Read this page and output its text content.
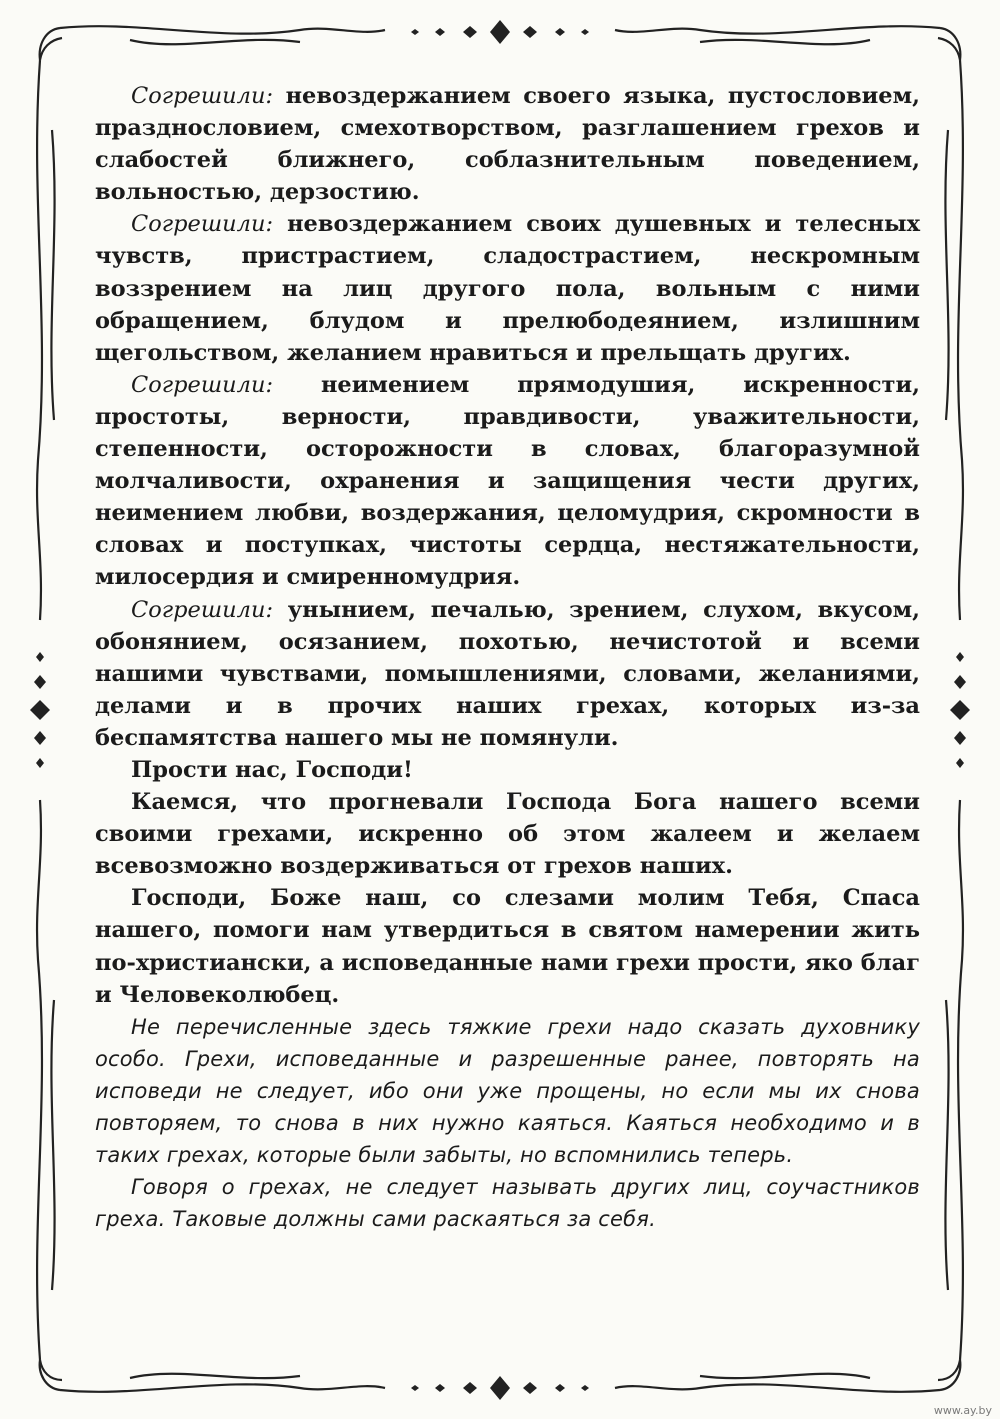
Согрешили: невоздержанием своего языка, пустословием, празднословием, смехотворством, разглашением грехов и слабостей ближнего, соблазнительным поведением, вольностью, дерзостию.

Согрешили: невоздержанием своих душевных и телесных чувств, пристрастием, сладострастием, нескромным воззрением на лиц другого пола, вольным с ними обращением, блудом и прелюбодеянием, излишним щегольством, желанием нравиться и прельщать других.

Согрешили: неимением прямодушия, искренности, простоты, верности, правдивости, уважительности, степенности, осторожности в словах, благоразумной молчаливости, охранения и защищения чести других, неимением любви, воздержания, целомудрия, скромности в словах и поступках, чистоты сердца, нестяжательности, милосердия и смиренномудрия.

Согрешили: унынием, печалью, зрением, слухом, вкусом, обонянием, осязанием, похотью, нечистотой и всеми нашими чувствами, помышлениями, словами, желаниями, делами и в прочих наших грехах, которых из-за беспамятства нашего мы не помянули.

Прости нас, Господи!

Каемся, что прогневали Господа Бога нашего всеми своими грехами, искренно об этом жалеем и желаем всевозможно воздерживаться от грехов наших.

Господи, Боже наш, со слезами молим Тебя, Спаса нашего, помоги нам утвердиться в святом намерении жить по-христиански, а исповеданные нами грехи прости, яко благ и Человеколюбец.

Не перечисленные здесь тяжкие грехи надо сказать духовнику особо. Грехи, исповеданные и разрешенные ранее, повторять на исповеди не следует, ибо они уже прощены, но если мы их снова повторяем, то снова в них нужно каяться. Каяться необходимо и в таких грехах, которые были забыты, но вспомнились теперь.

Говоря о грехах, не следует называть других лиц, соучастников греха. Таковые должны сами раскаяться за себя.

www.ay.by
